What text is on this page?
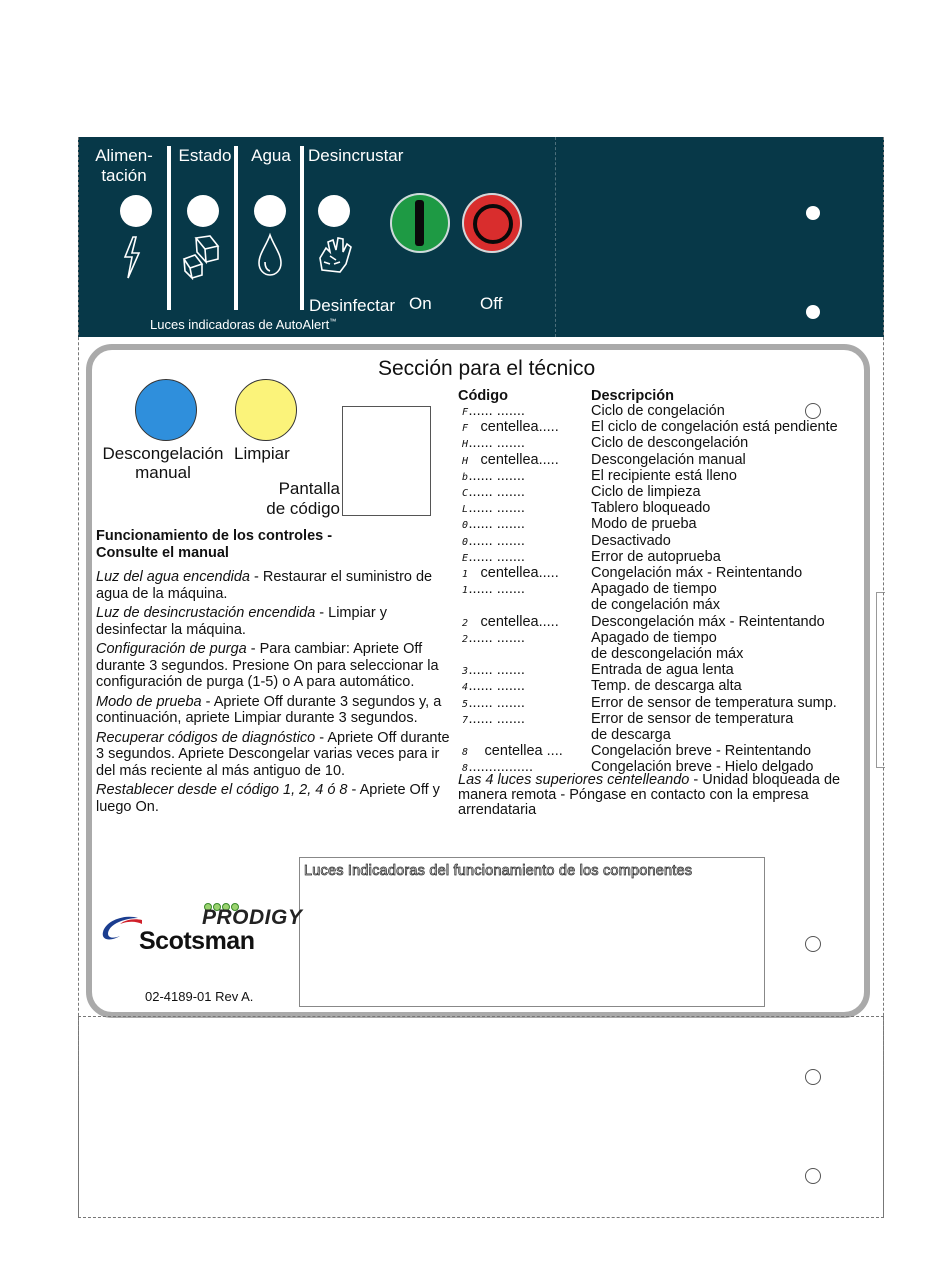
Alimen-
tación
Estado	Agua	Desincrustar
Desinfectar On	Off
Luces indicadoras de AutoAlert™
Sección para el técnico
Descongelación
manual
Limpiar
Pantalla
de código
Funcionamiento de los controles -
Consulte el manual
Luz del agua encendida - Restaurar el suministro de agua de la máquina.
Luz de desincrustación encendida - Limpiar y desinfectar la máquina.
Configuración de purga - Para cambiar: Apriete Off durante 3 segundos. Presione On para seleccionar la configuración de purga (1-5) o A para automático.
Modo de prueba - Apriete Off durante 3 segundos y, a continuación, apriete Limpiar durante 3 segundos.
Recuperar códigos de diagnóstico - Apriete Off durante 3 segundos. Apriete Descongelar varias veces para ir del más reciente al más antiguo de 10.
Restablecer desde el código 1, 2, 4 ó 8 - Apriete Off y luego On.
Código	Descripción
F...... .......	Ciclo de congelación
F centellea..... El ciclo de congelación está pendiente
H...... .......	Ciclo de descongelación
H centellea..... Descongelación manual
b...... .......	El recipiente está lleno
C...... .......	Ciclo de limpieza
L...... .......	Tablero bloqueado
0...... .......	Modo de prueba
0...... .......	Desactivado
E...... .......	Error de autoprueba
1 centellea..... Congelación máx - Reintentando
1...... .......	Apagado de tiempo
de congelación máx
2 centellea..... Descongelación máx - Reintentando
2...... .......	Apagado de tiempo
de descongelación máx
3...... .......	Entrada de agua lenta
4...... .......	Temp. de descarga alta
5...... .......	Error de sensor de temperatura sump.
7...... .......	Error de sensor de temperatura
de descarga
8 centellea .... Congelación breve - Reintentando
8................	Congelación breve - Hielo delgado
Las 4 luces superiores centelleando - Unidad bloqueada de manera remota - Póngase en contacto con la empresa arrendataria
Luces Indicadoras del funcionamiento de los componentes
PRODIGY
Scotsman
02-4189-01 Rev A.
